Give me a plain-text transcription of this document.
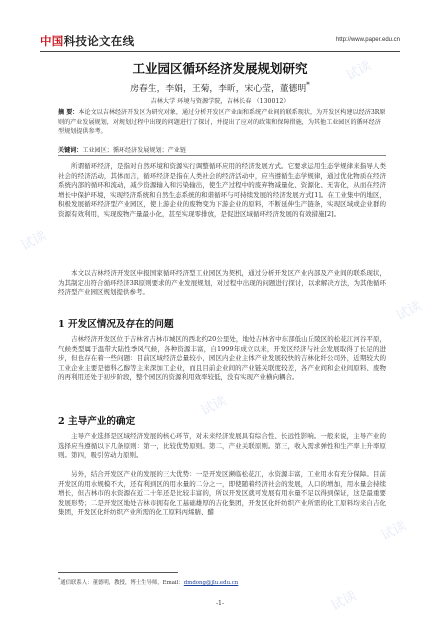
中国科技论文在线	http://www.paper.edu.cn
工业园区循环经济发展规划研究
房春生，李娟，王菊，李昕，宋心莹，董德明*
吉林大学 环境与资源学院，吉林长春 （130012）
摘 要：本论文以吉林经济开发区为研究对象，通过分析开发区产业面和系统产业间的联系现状，为开发区构建以经济3R原则的产业发展规划，对规划过程中出现的问题进行了探讨，并提出了应对的政策和保障措施，为其他工业园区的循环经济型规划提供参考。
关键词：工业园区；循环经济发展规划；产业链
所谓循环经济，是指对自然环境和资源实行调整循环应用的经济发展方式。它要求运用生态学规律来指导人类社会的经济活动，其体而言，循环经济是指在人类社会的经济活动中，应当遵循生态学规律，通过优化物质在经济系统内部的循环和流动，减少资源输入和污染输出，使生产过程中的废弃物减量化、资源化、无害化，从而在经济增长中保护环境，实现经济系统和自然生态系统的和谐循环与可持续发展的经济发展方式[1]。在工业集中的地区，积极发展循环经济型产业园区，使上游企业的废物变为下游企业的原料，不断延伸生产链条，实现区域或企业群的资源有效利用，实现废物产量最小化，甚至实现零排放，是促进区域循环经济发展的有效措施[2]。
本文以吉林经济开发区申报国家循环经济型工业园区为契机，通过分析开发区产业内部及产业间的联系现状，为其制定出符合循环经济3R原则要求的产业发展规划，对过程中出现的问题进行探讨，以求解决方法，为其他循环经济型产业园区规划提供参考。
1 开发区情况及存在的问题
吉林经济开发区位于吉林省吉林市城区的西北约20公里处，地处吉林省中东部低山丘陵区的松花江河谷平原，气候类型属于温带大陆性季风气候，各种资源丰富，自1999年成立以来，开发区经济与社会发展取得了长足的进步，但也存在着一些问题：目前区域经济总量较小，园区内企业主体产业发展较快的吉林化纤公司外，近期较大的工业企业主要是德科乙醇等主来深加工企业，而且目前企业间的产业链关联度较差，各产业间和企业间原料、废物的再利用还处于初步阶段，整个园区的资源利用效率较低，没有实现产业横向耦合。
2 主导产业的确定
主导产业选择是区域经济发展的核心环节，对未来经济发展具有综合性、长远性影响。一般来说，主导产业的选择应当遵循以下几条原则：第一，比较优势原则。第二，产业关联原则。第三，收入需求弹性和生产率上升率原则。第四，吸引劳动力原则。
另外，结合开发区产业的发展的三大优势：一是开发区濒临松花江，水资源丰富，工业用水有充分保障。目前开发区的用水规模不大，还有利到区的用水量的二分之一，即使随着经济社会的发展，人口的增加，用水量会持续增长，但吉林市的水资源在近二十年还是比较丰富的，所以开发区就可发展有用水量不足以得到保证，这是最重要发展形势；二是开发区地处吉林市拥有化工基础雄厚的吉化集团，开发区化纤纺织产业所需的化工原料均来自吉化集团，开发区化纤纺织产业所需的化工原料丙烯腈、醋
*通信联系人：董德明，教授，博士生导师，Email：dmdong@jlu.edu.cn
-1-
试读
试读
试读
试读
试读
试读
